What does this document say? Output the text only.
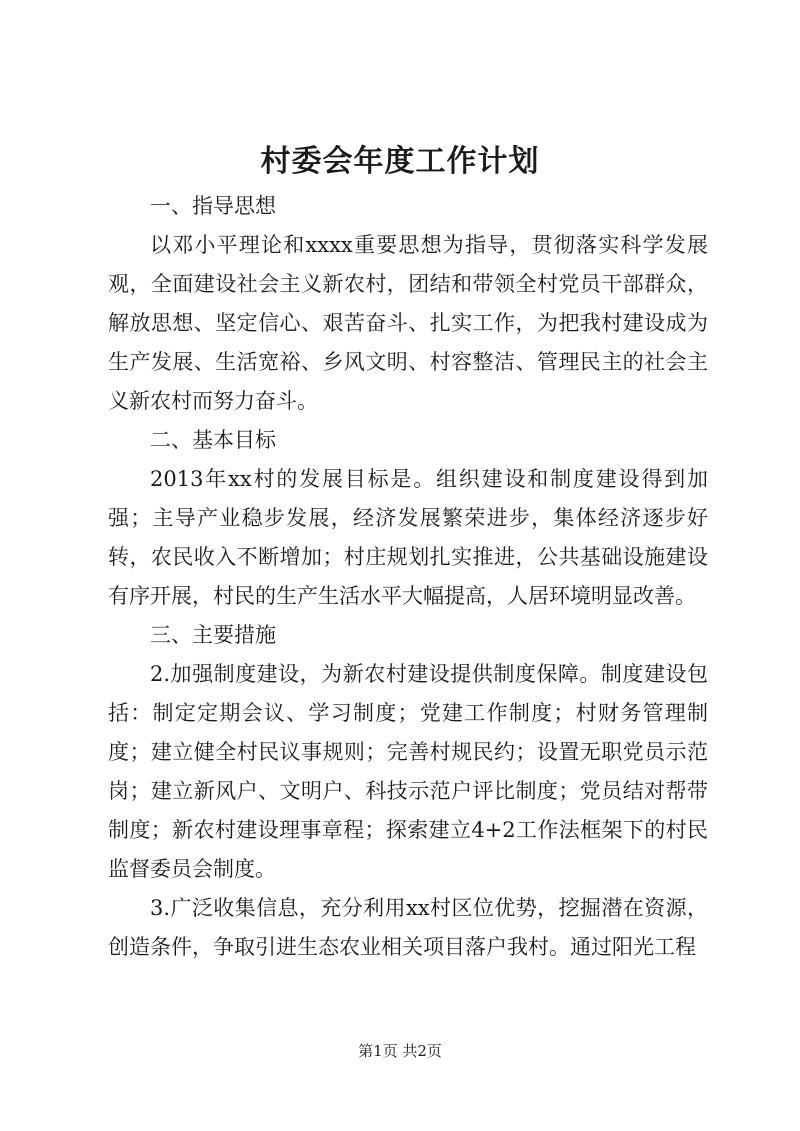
村委会年度工作计划

一、指导思想

以邓小平理论和xxxx重要思想为指导，贯彻落实科学发展观，全面建设社会主义新农村，团结和带领全村党员干部群众，解放思想、坚定信心、艰苦奋斗、扎实工作，为把我村建设成为生产发展、生活宽裕、乡风文明、村容整洁、管理民主的社会主义新农村而努力奋斗。

二、基本目标

2013年xx村的发展目标是。组织建设和制度建设得到加强；主导产业稳步发展，经济发展繁荣进步，集体经济逐步好转，农民收入不断增加；村庄规划扎实推进，公共基础设施建设有序开展，村民的生产生活水平大幅提高，人居环境明显改善。

三、主要措施

2.加强制度建设，为新农村建设提供制度保障。制度建设包括：制定定期会议、学习制度；党建工作制度；村财务管理制度；建立健全村民议事规则；完善村规民约；设置无职党员示范岗；建立新风户、文明户、科技示范户评比制度；党员结对帮带制度；新农村建设理事章程；探索建立4+2工作法框架下的村民监督委员会制度。

3.广泛收集信息，充分利用xx村区位优势，挖掘潜在资源，创造条件，争取引进生态农业相关项目落户我村。通过阳光工程

第1页 共2页
